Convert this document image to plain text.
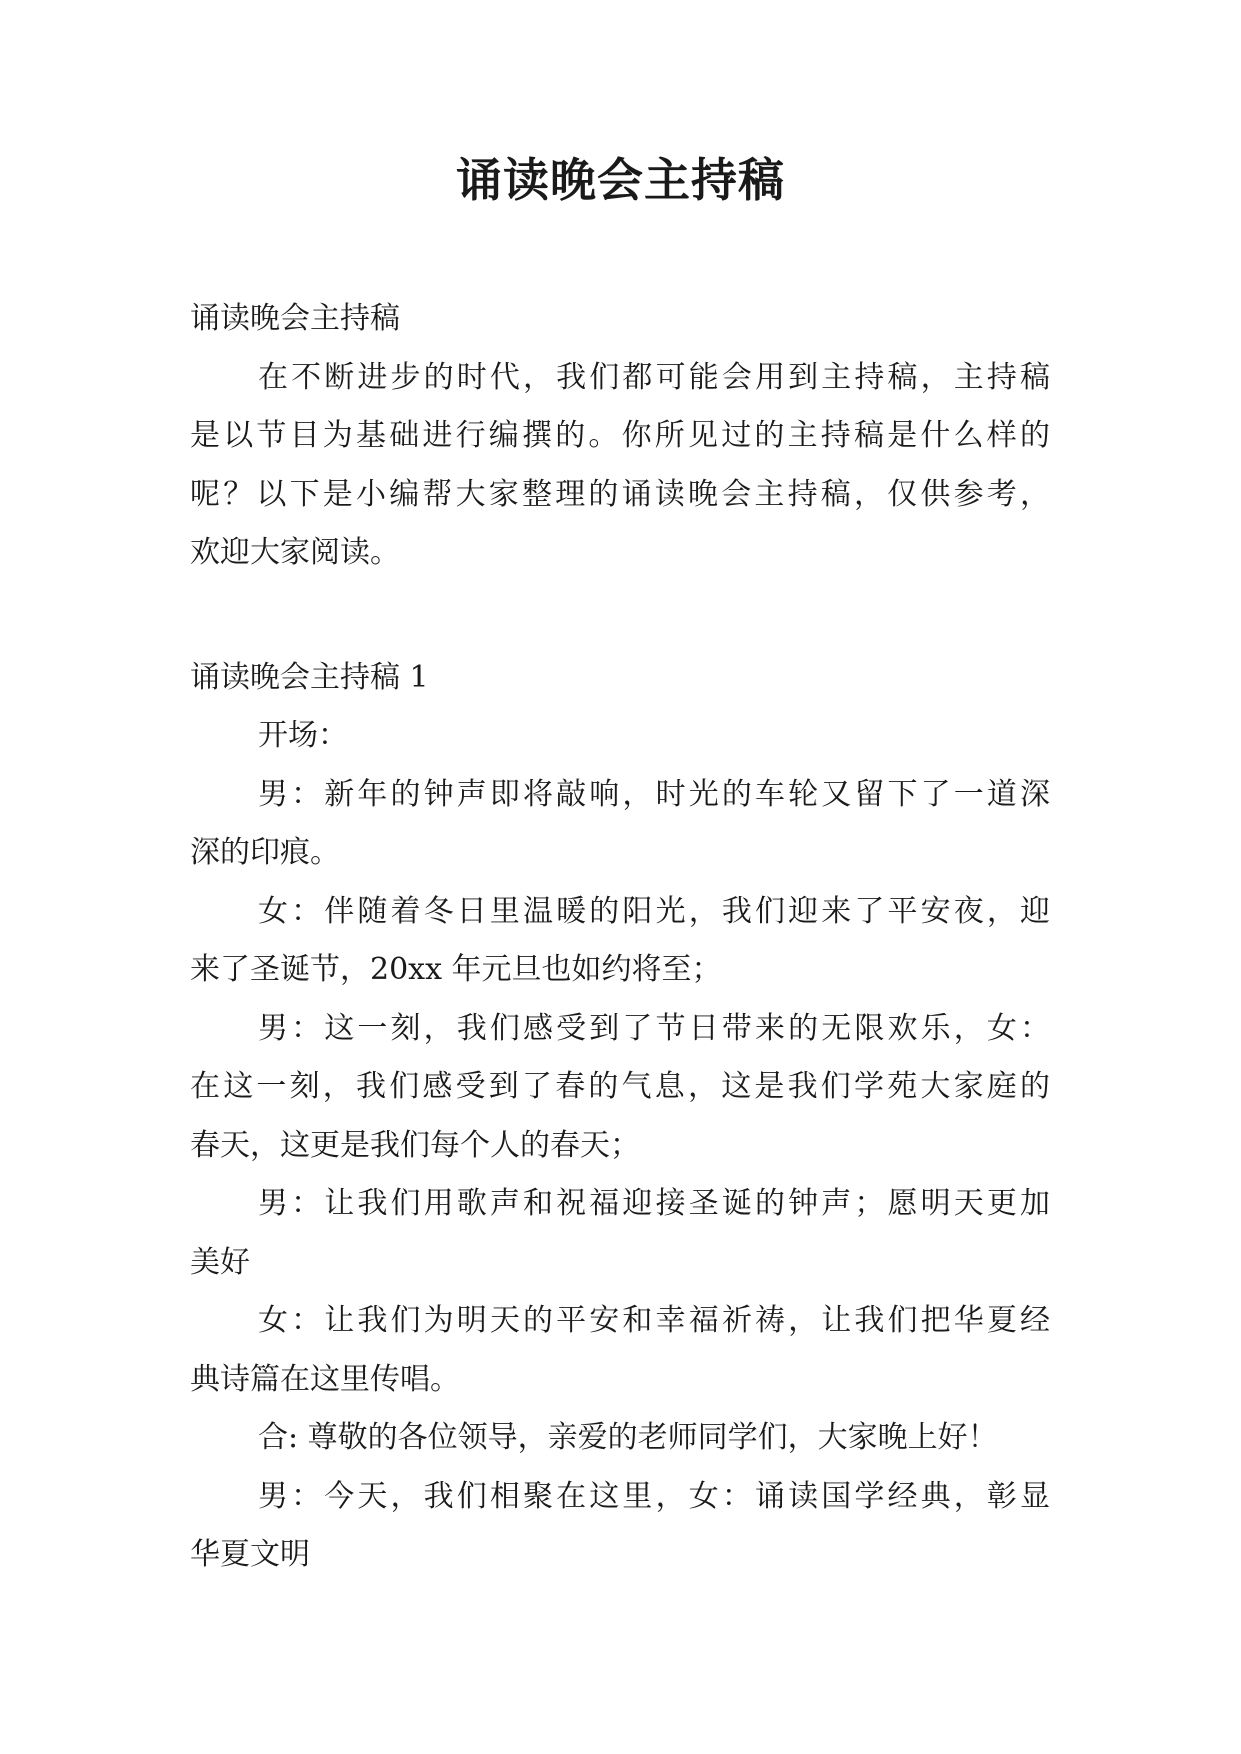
诵读晚会主持稿
诵读晚会主持稿
在不断进步的时代，我们都可能会用到主持稿，主持稿
是以节目为基础进行编撰的。你所见过的主持稿是什么样的
呢？以下是小编帮大家整理的诵读晚会主持稿，仅供参考，
欢迎大家阅读。
诵读晚会主持稿 1
开场：
男：新年的钟声即将敲响，时光的车轮又留下了一道深
深的印痕。
女：伴随着冬日里温暖的阳光，我们迎来了平安夜，迎
来了圣诞节，20xx 年元旦也如约将至；
男：这一刻，我们感受到了节日带来的无限欢乐，女：
在这一刻，我们感受到了春的气息，这是我们学苑大家庭的
春天，这更是我们每个人的春天；
男：让我们用歌声和祝福迎接圣诞的钟声；愿明天更加
美好
女：让我们为明天的平安和幸福祈祷，让我们把华夏经
典诗篇在这里传唱。
合: 尊敬的各位领导，亲爱的老师同学们，大家晚上好！
男：今天，我们相聚在这里，女：诵读国学经典，彰显
华夏文明
